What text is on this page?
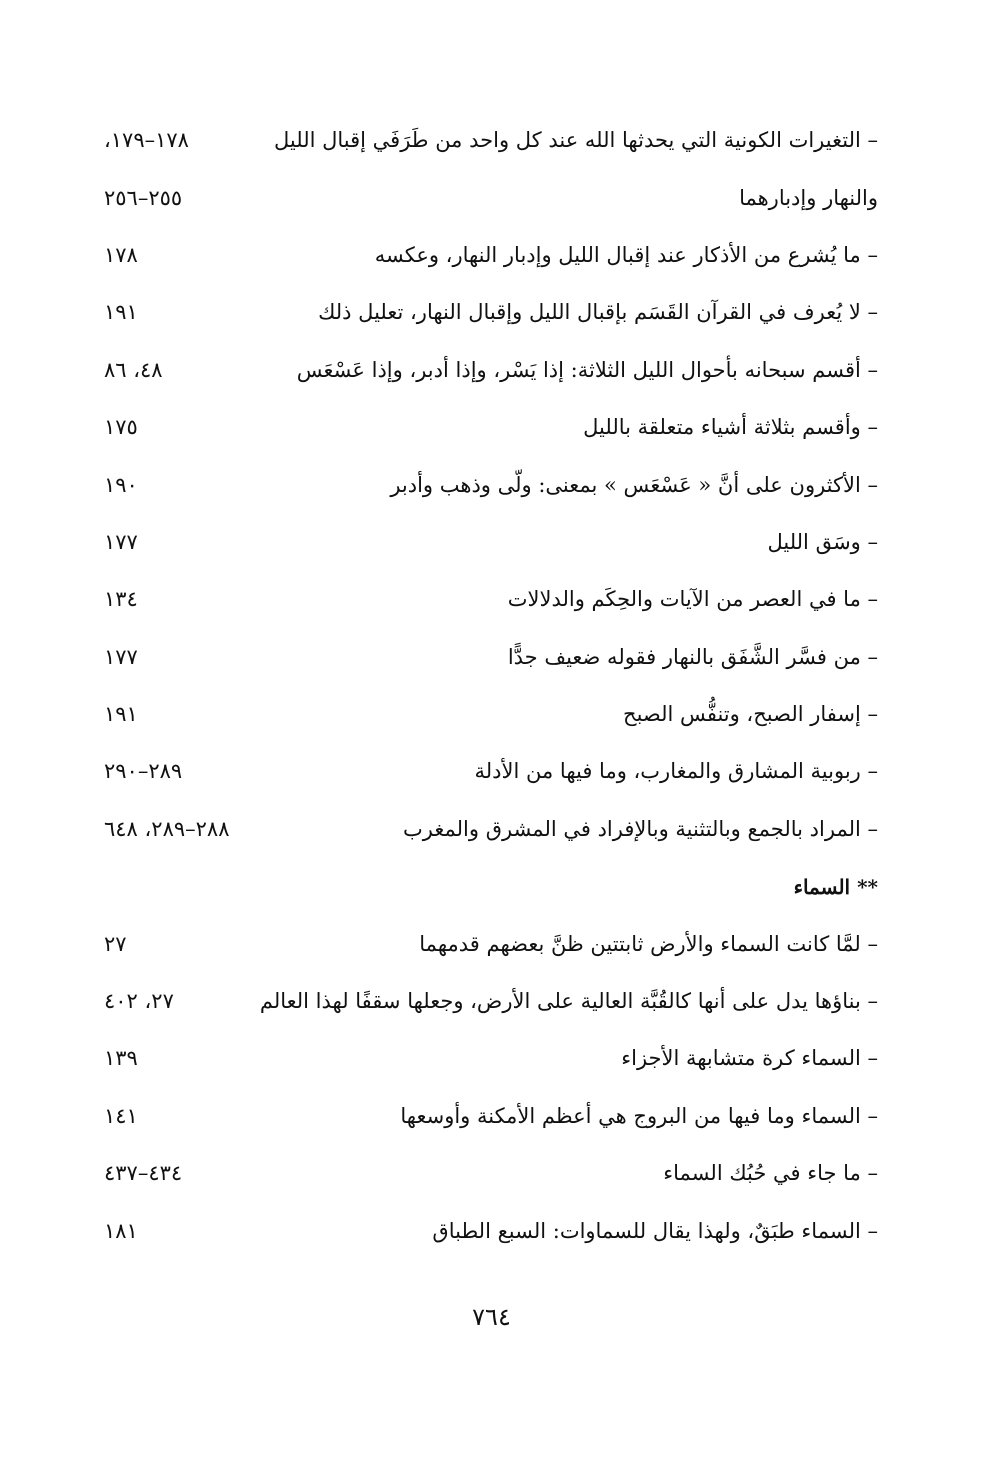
– التغيرات الكونية التي يحدثها الله عند كل واحد من طَرَفَي إقبال الليل
١٧٨–١٧٩،
والنهار وإدبارهما
٢٥٥–٢٥٦
– ما يُشرع من الأذكار عند إقبال الليل وإدبار النهار، وعكسه
١٧٨
– لا يُعرف في القرآن القَسَم بإقبال الليل وإقبال النهار، تعليل ذلك
١٩١
– أقسم سبحانه بأحوال الليل الثلاثة: إذا يَسْر، وإذا أدبر، وإذا عَسْعَس
٤٨، ٨٦
– وأقسم بثلاثة أشياء متعلقة بالليل
١٧٥
– الأكثرون على أنَّ « عَسْعَس » بمعنى: ولّى وذهب وأدبر
١٩٠
– وسَق الليل
١٧٧
– ما في العصر من الآيات والحِكَم والدلالات
١٣٤
– من فسَّر الشَّفَق بالنهار فقوله ضعيف جدًّا
١٧٧
– إسفار الصبح، وتنفُّس الصبح
١٩١
– ربوبية المشارق والمغارب، وما فيها من الأدلة
٢٨٩–٢٩٠
– المراد بالجمع وبالتثنية وبالإفراد في المشرق والمغرب
٢٨٨–٢٨٩، ٦٤٨
** السماء
– لمَّا كانت السماء والأرض ثابتتين ظنَّ بعضهم قدمهما
٢٧
– بناؤها يدل على أنها كالقُبَّة العالية على الأرض، وجعلها سقفًا لهذا العالم
٢٧، ٤٠٢
– السماء كرة متشابهة الأجزاء
١٣٩
– السماء وما فيها من البروج هي أعظم الأمكنة وأوسعها
١٤١
– ما جاء في حُبُك السماء
٤٣٤–٤٣٧
– السماء طبَقٌ، ولهذا يقال للسماوات: السبع الطباق
١٨١
٧٦٤
